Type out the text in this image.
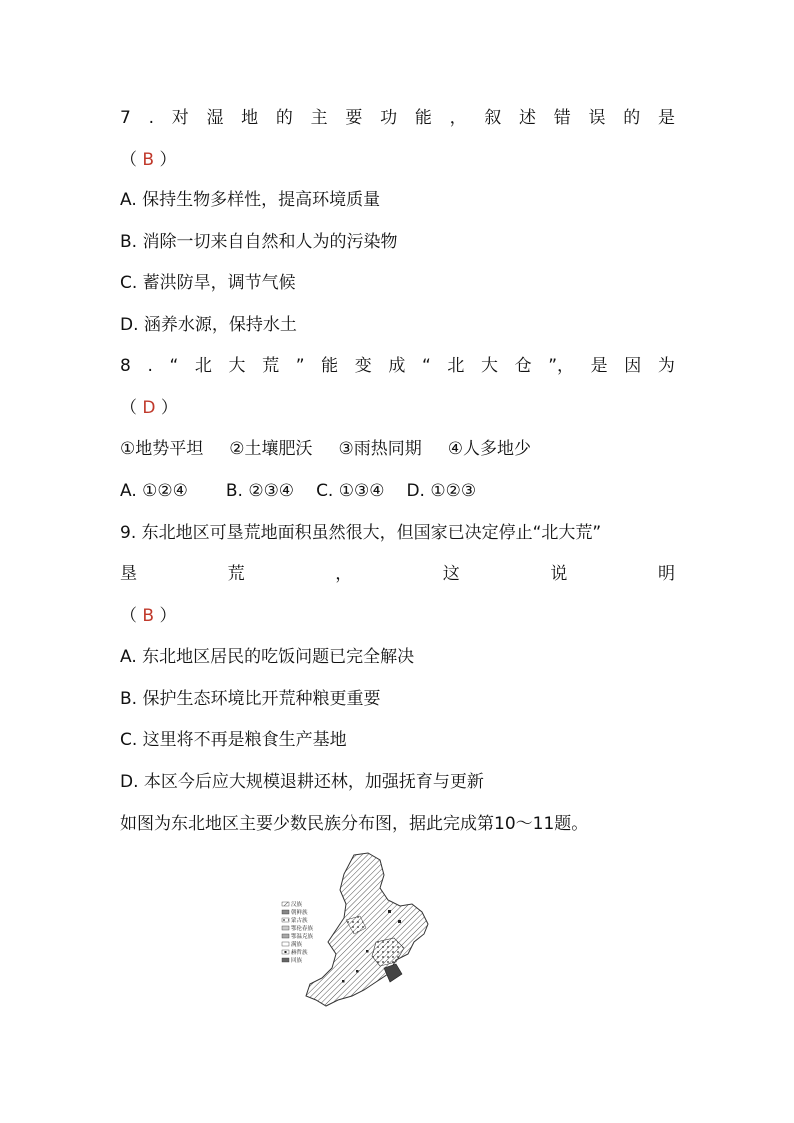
7 . 对 湿 地 的 主 要 功 能 ， 叙 述 错 误 的 是
（ B ）
A. 保持生物多样性，提高环境质量
B. 消除一切来自自然和人为的污染物
C. 蓄洪防旱，调节气候
D. 涵养水源，保持水土
8 . “ 北 大 荒 ” 能 变 成 “ 北 大 仓 ”， 是 因 为
（ D ）
①地势平坦 ②土壤肥沃 ③雨热同期 ④人多地少
A. ①②④ B. ②③④ C. ①③④ D. ①②③
9. 东北地区可垦荒地面积虽然很大，但国家已决定停止“北大荒”
垦	荒	，	这	说	明
（ B ）
A. 东北地区居民的吃饭问题已完全解决
B. 保护生态环境比开荒种粮更重要
C. 这里将不再是粮食生产基地
D. 本区今后应大规模退耕还林，加强抚育与更新
如图为东北地区主要少数民族分布图，据此完成第10～11题。
汉族
朝鲜族
蒙古族
鄂伦春族
鄂温克族
满族
赫哲族
回族
